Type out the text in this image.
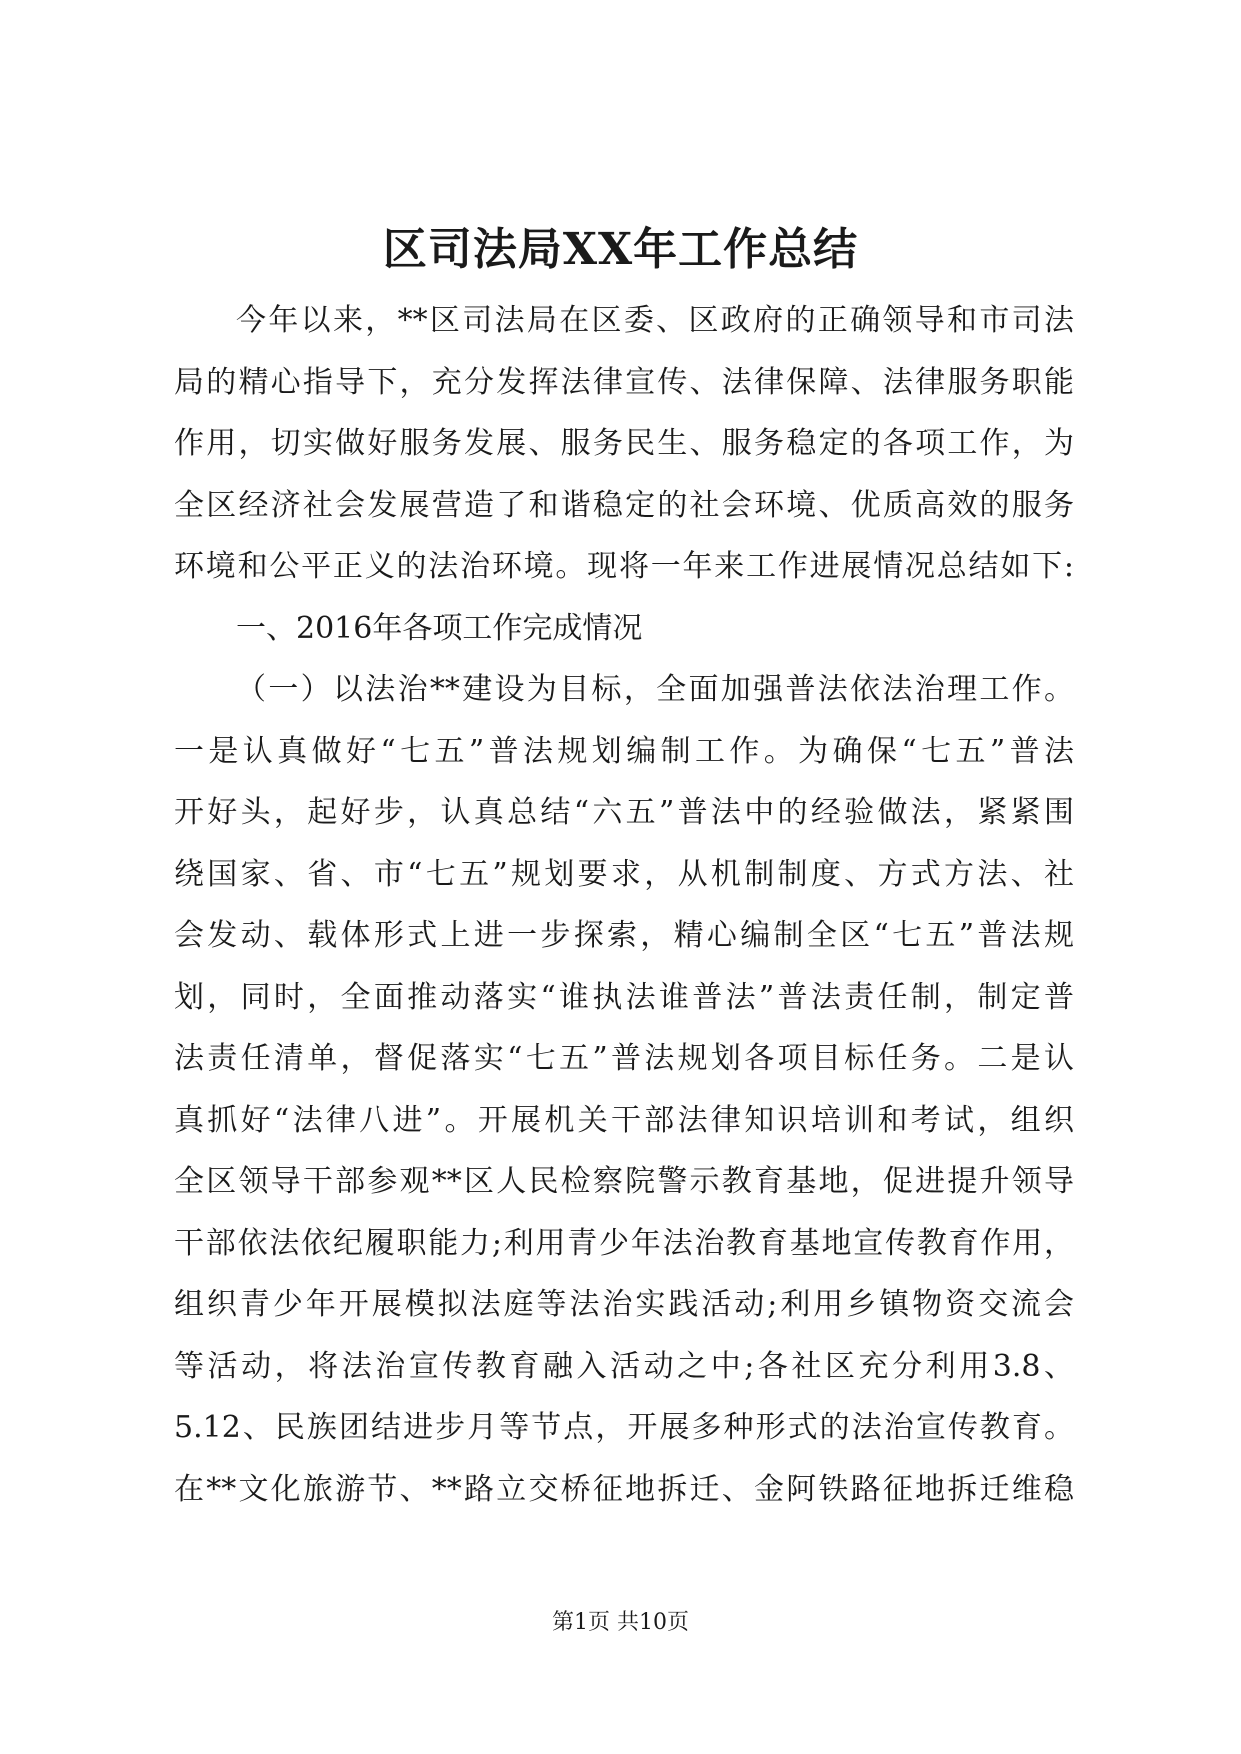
区司法局XX年工作总结
今年以来，**区司法局在区委、区政府的正确领导和市司法
局的精心指导下，充分发挥法律宣传、法律保障、法律服务职能
作用，切实做好服务发展、服务民生、服务稳定的各项工作，为
全区经济社会发展营造了和谐稳定的社会环境、优质高效的服务
环境和公平正义的法治环境。现将一年来工作进展情况总结如下:
一、2016年各项工作完成情况
（一）以法治**建设为目标，全面加强普法依法治理工作。
一是认真做好“七五”普法规划编制工作。为确保“七五”普法
开好头，起好步，认真总结“六五”普法中的经验做法，紧紧围
绕国家、省、市“七五”规划要求，从机制制度、方式方法、社
会发动、载体形式上进一步探索，精心编制全区“七五”普法规
划，同时，全面推动落实“谁执法谁普法”普法责任制，制定普
法责任清单，督促落实“七五”普法规划各项目标任务。二是认
真抓好“法律八进”。开展机关干部法律知识培训和考试，组织
全区领导干部参观**区人民检察院警示教育基地，促进提升领导
干部依法依纪履职能力;利用青少年法治教育基地宣传教育作用，
组织青少年开展模拟法庭等法治实践活动;利用乡镇物资交流会
等活动，将法治宣传教育融入活动之中;各社区充分利用3.8、
5.12、民族团结进步月等节点，开展多种形式的法治宣传教育。
在**文化旅游节、**路立交桥征地拆迁、金阿铁路征地拆迁维稳
第1页 共10页
